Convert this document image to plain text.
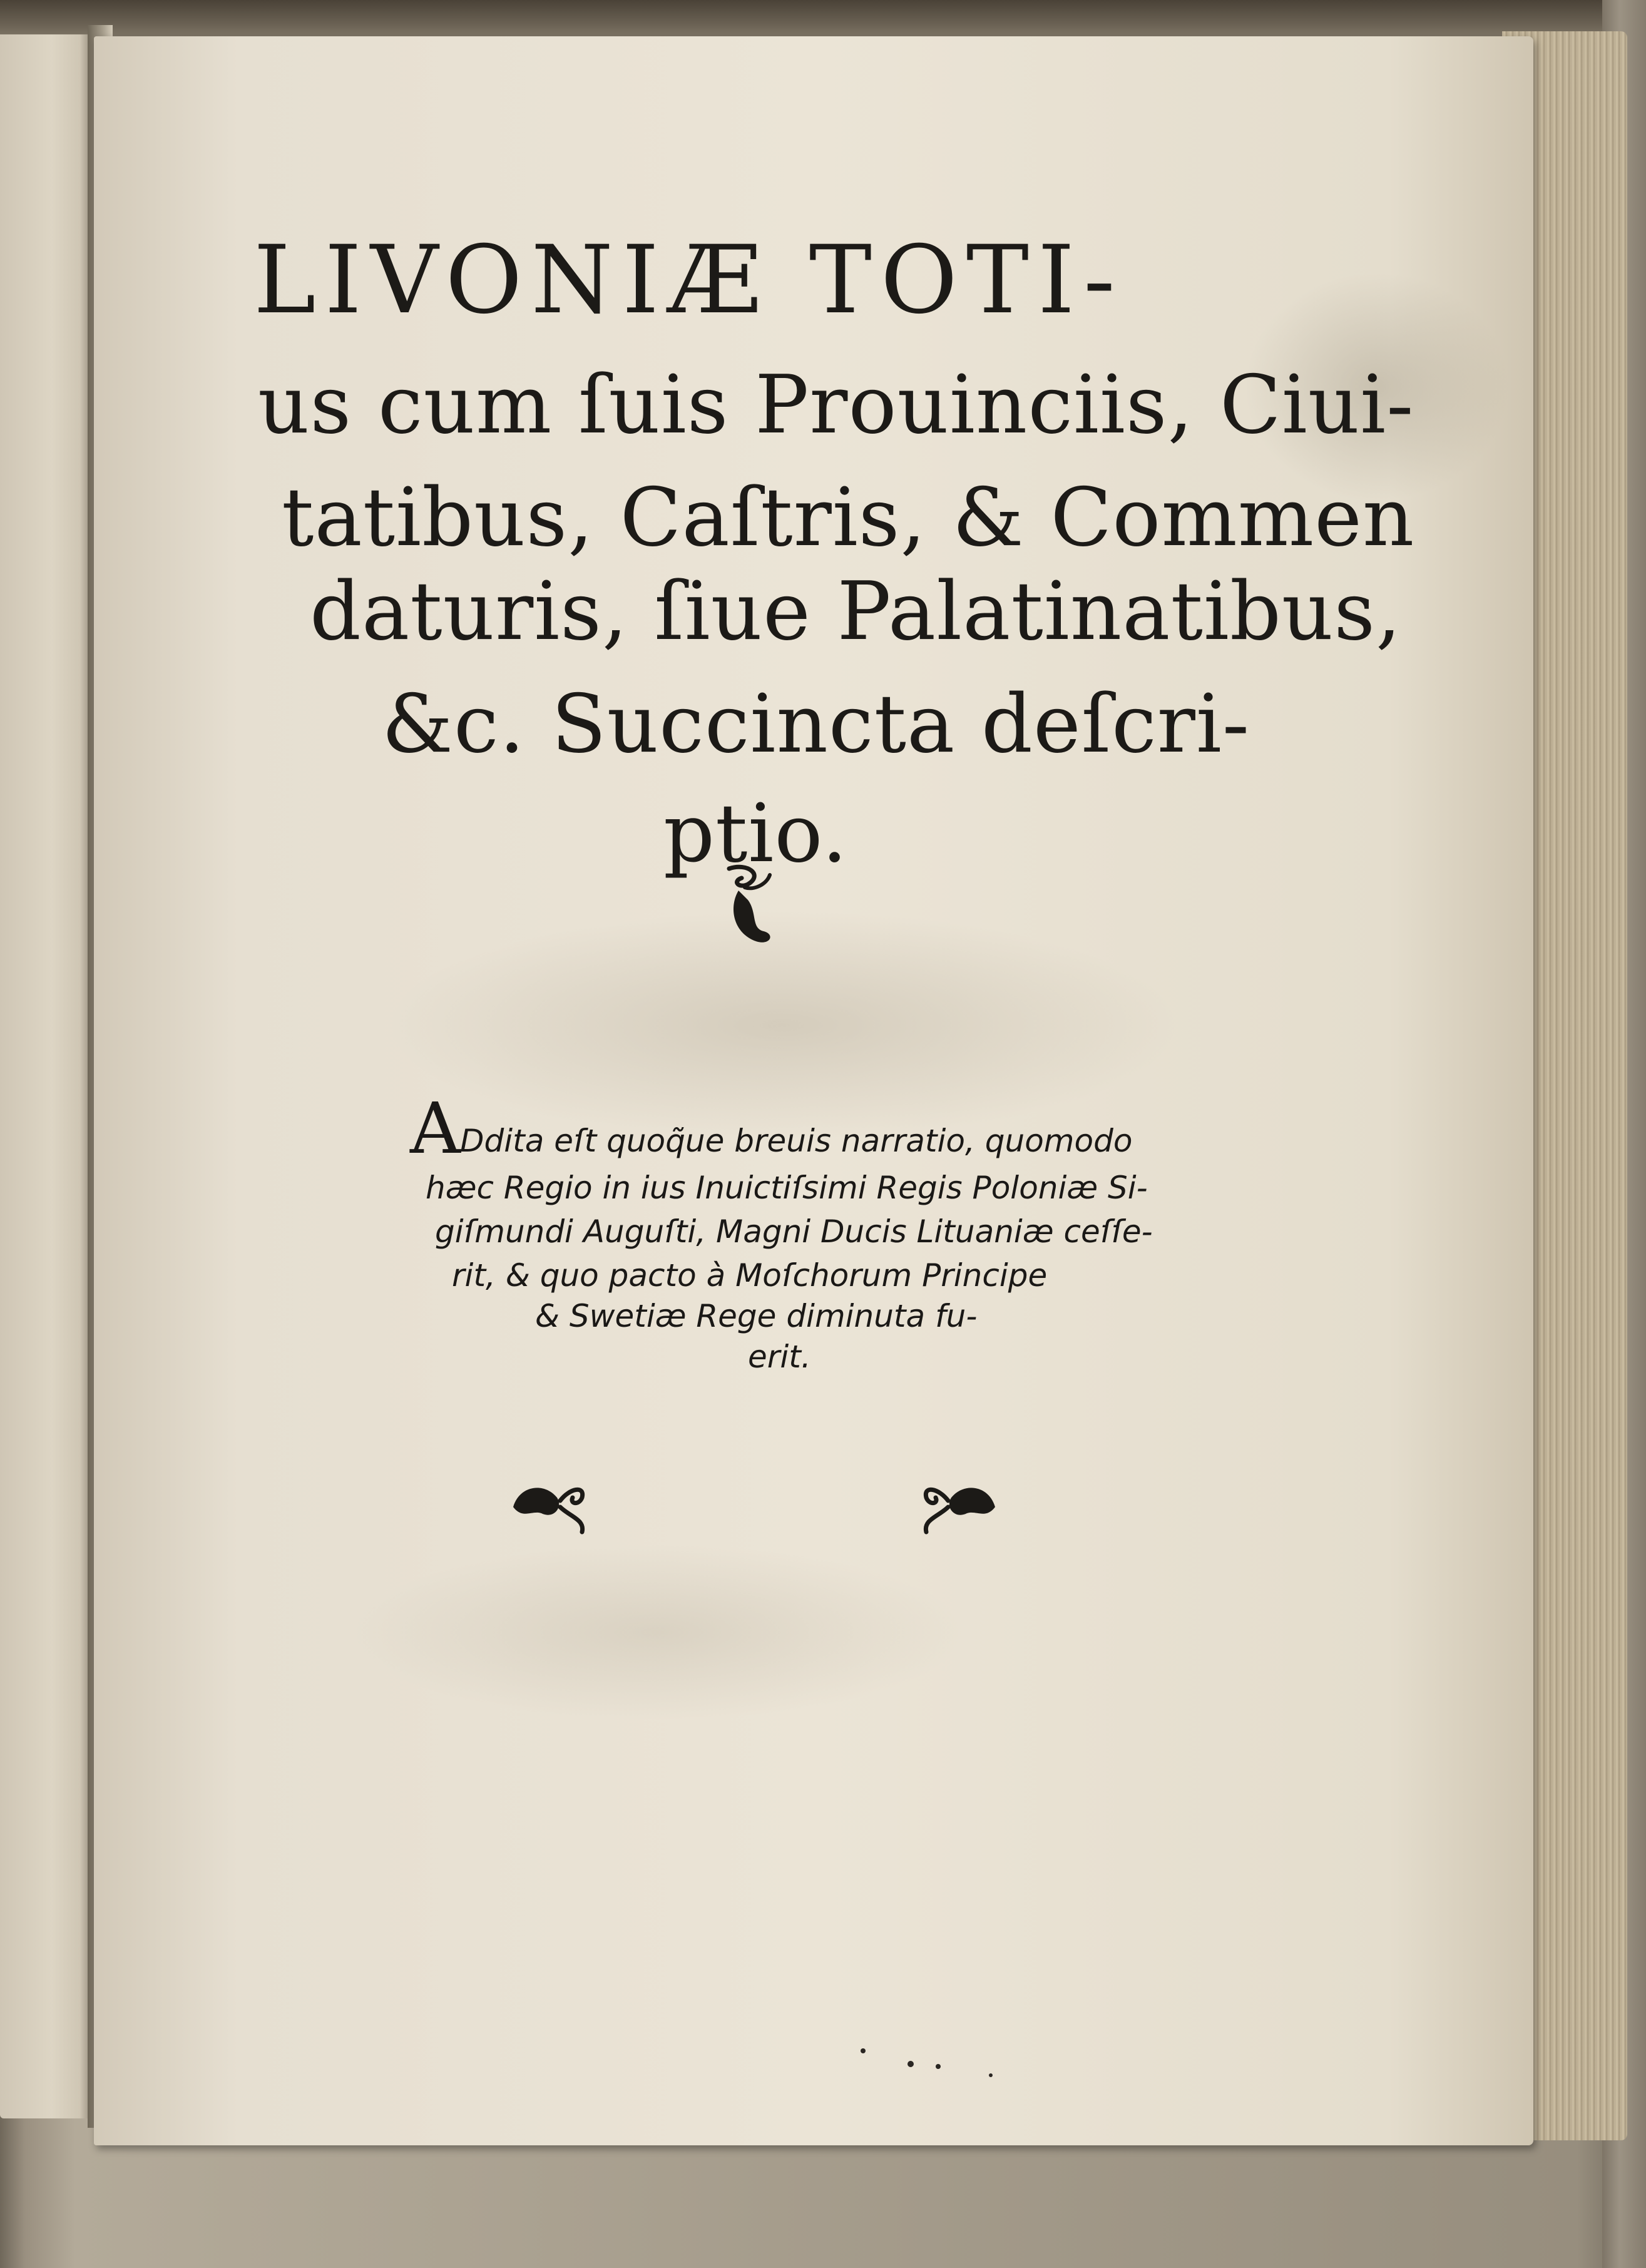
LIVONIÆ TOTI-
us cum ſuis Prouinciis, Ciui-
tatibus, Caſtris, & Commen
daturis, ſiue Palatinatibus,
&c. Succincta deſcri-
ptio.
A Ddita eſt quoq̃ue breuis narratio, quomodo
hæc Regio in ius Inuictiſsimi Regis Poloniæ Si-
giſmundi Auguſti, Magni Ducis Lituaniæ ceſſe-
rit, & quo pacto à Moſchorum Principe
& Swetiæ Rege diminuta fu-
erit.
